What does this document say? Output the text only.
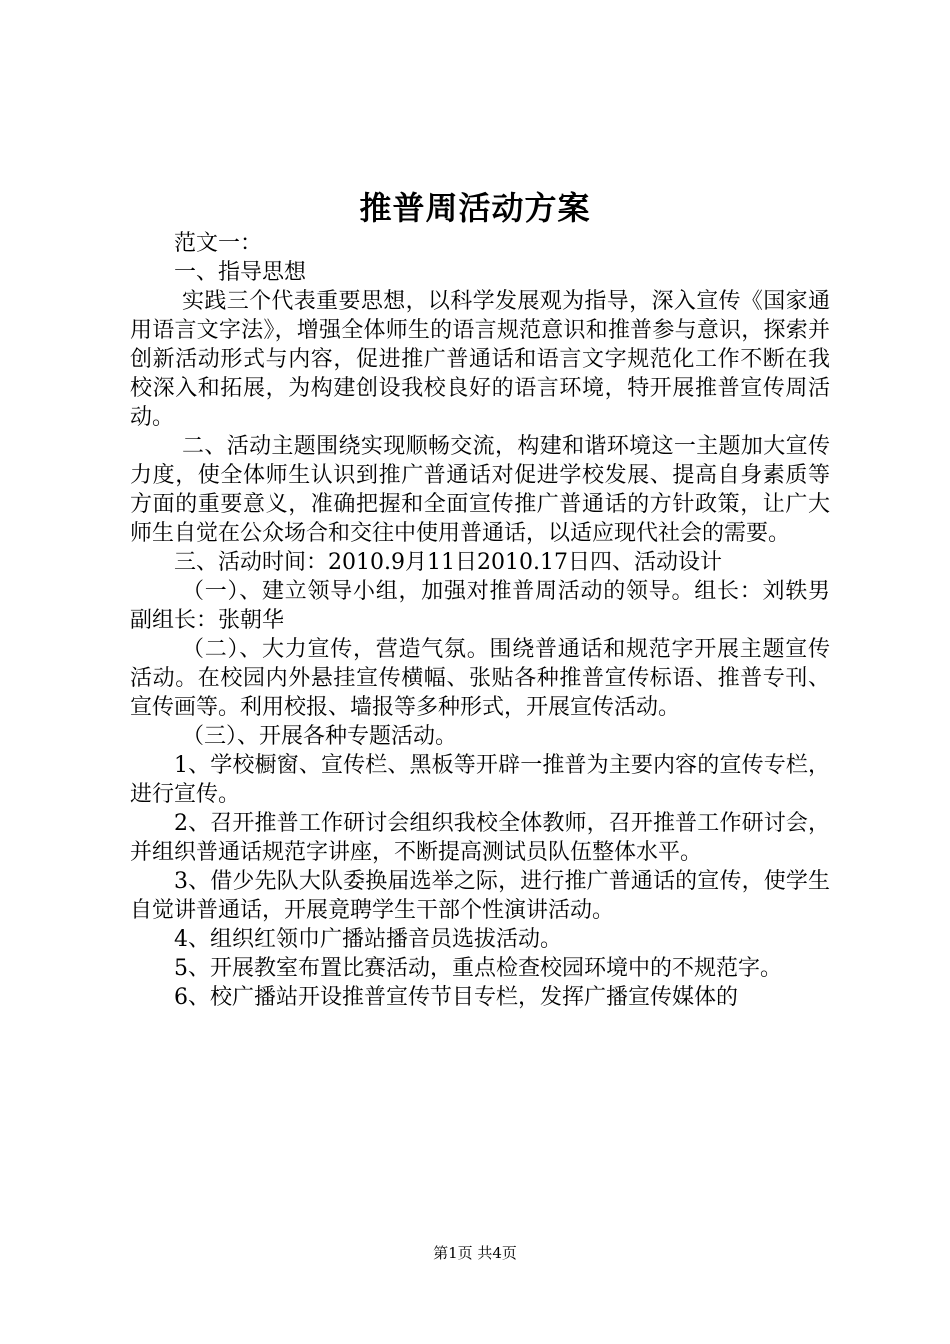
推普周活动方案

范文一：

一、指导思想

实践三个代表重要思想，以科学发展观为指导，深入宣传《国家通用语言文字法》，增强全体师生的语言规范意识和推普参与意识，探索并创新活动形式与内容，促进推广普通话和语言文字规范化工作不断在我校深入和拓展，为构建创设我校良好的语言环境，特开展推普宣传周活动。

二、活动主题围绕实现顺畅交流，构建和谐环境这一主题加大宣传力度，使全体师生认识到推广普通话对促进学校发展、提高自身素质等方面的重要意义，准确把握和全面宣传推广普通话的方针政策，让广大师生自觉在公众场合和交往中使用普通话，以适应现代社会的需要。

三、活动时间：2010.9月11日2010.17日四、活动设计

（一）、建立领导小组，加强对推普周活动的领导。组长：刘轶男副组长：张朝华

（二）、大力宣传，营造气氛。围绕普通话和规范字开展主题宣传活动。在校园内外悬挂宣传横幅、张贴各种推普宣传标语、推普专刊、宣传画等。利用校报、墙报等多种形式，开展宣传活动。

（三）、开展各种专题活动。

1、学校橱窗、宣传栏、黑板等开辟一推普为主要内容的宣传专栏，进行宣传。

2、召开推普工作研讨会组织我校全体教师，召开推普工作研讨会，并组织普通话规范字讲座，不断提高测试员队伍整体水平。

3、借少先队大队委换届选举之际，进行推广普通话的宣传，使学生自觉讲普通话，开展竟聘学生干部个性演讲活动。

4、组织红领巾广播站播音员选拔活动。

5、开展教室布置比赛活动，重点检查校园环境中的不规范字。

6、校广播站开设推普宣传节目专栏，发挥广播宣传媒体的

第1页 共4页
